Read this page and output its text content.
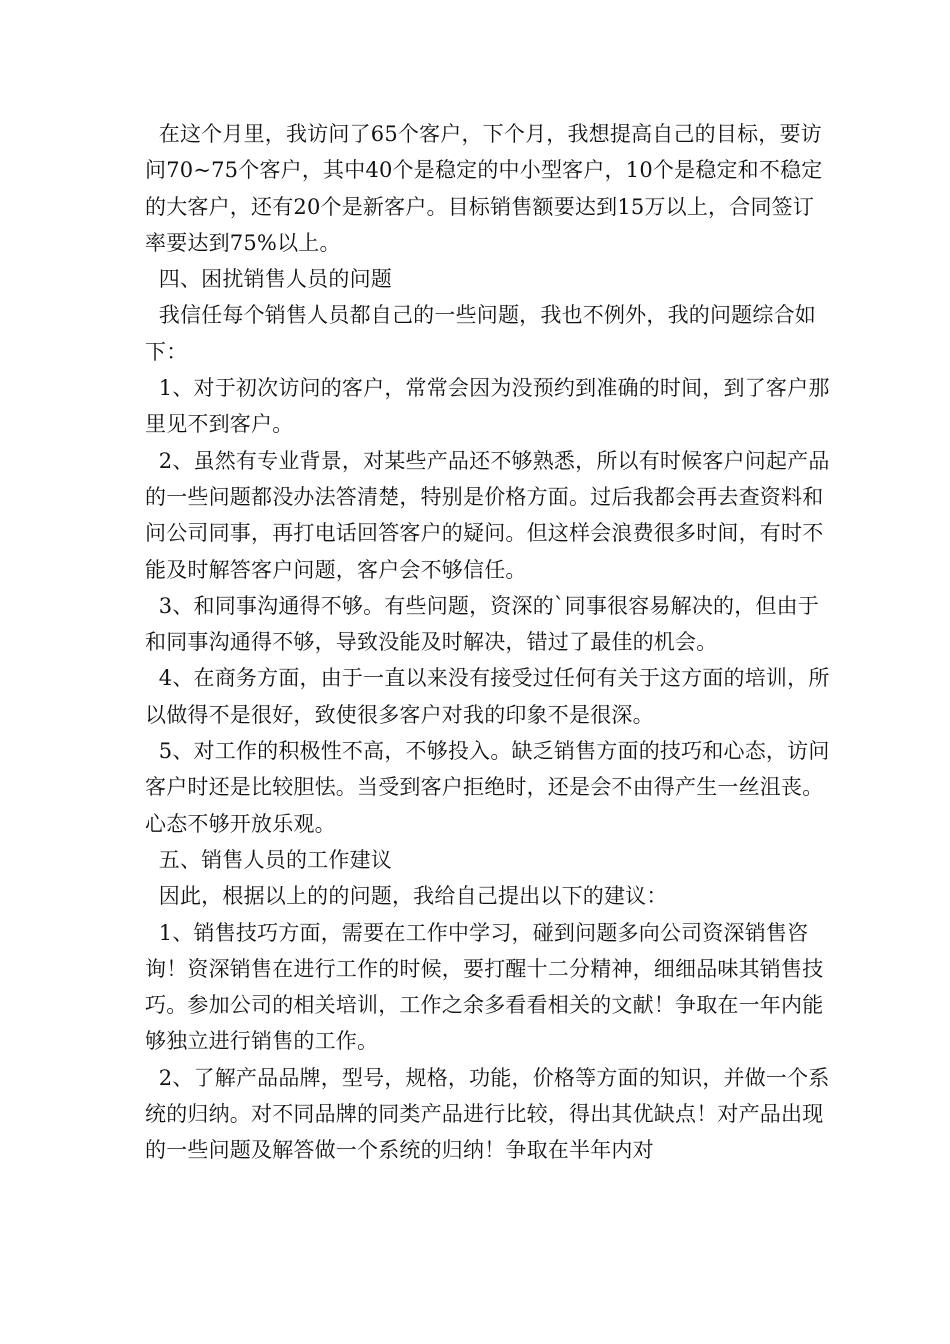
在这个月里，我访问了65个客户，下个月，我想提高自己的目标，要访问70~75个客户，其中40个是稳定的中小型客户，10个是稳定和不稳定的大客户，还有20个是新客户。目标销售额要达到15万以上，合同签订率要达到75%以上。

四、困扰销售人员的问题

我信任每个销售人员都自己的一些问题，我也不例外，我的问题综合如下：

1、对于初次访问的客户，常常会因为没预约到准确的时间，到了客户那里见不到客户。

2、虽然有专业背景，对某些产品还不够熟悉，所以有时候客户问起产品的一些问题都没办法答清楚，特别是价格方面。过后我都会再去查资料和问公司同事，再打电话回答客户的疑问。但这样会浪费很多时间，有时不能及时解答客户问题，客户会不够信任。

3、和同事沟通得不够。有些问题，资深的`同事很容易解决的，但由于和同事沟通得不够，导致没能及时解决，错过了最佳的机会。

4、在商务方面，由于一直以来没有接受过任何有关于这方面的培训，所以做得不是很好，致使很多客户对我的印象不是很深。

5、对工作的积极性不高，不够投入。缺乏销售方面的技巧和心态，访问客户时还是比较胆怯。当受到客户拒绝时，还是会不由得产生一丝沮丧。心态不够开放乐观。

五、销售人员的工作建议

因此，根据以上的的问题，我给自己提出以下的建议：

1、销售技巧方面，需要在工作中学习，碰到问题多向公司资深销售咨询！资深销售在进行工作的时候，要打醒十二分精神，细细品味其销售技巧。参加公司的相关培训，工作之余多看看相关的文献！争取在一年内能够独立进行销售的工作。

2、了解产品品牌，型号，规格，功能，价格等方面的知识，并做一个系统的归纳。对不同品牌的同类产品进行比较，得出其优缺点！对产品出现的一些问题及解答做一个系统的归纳！争取在半年内对
